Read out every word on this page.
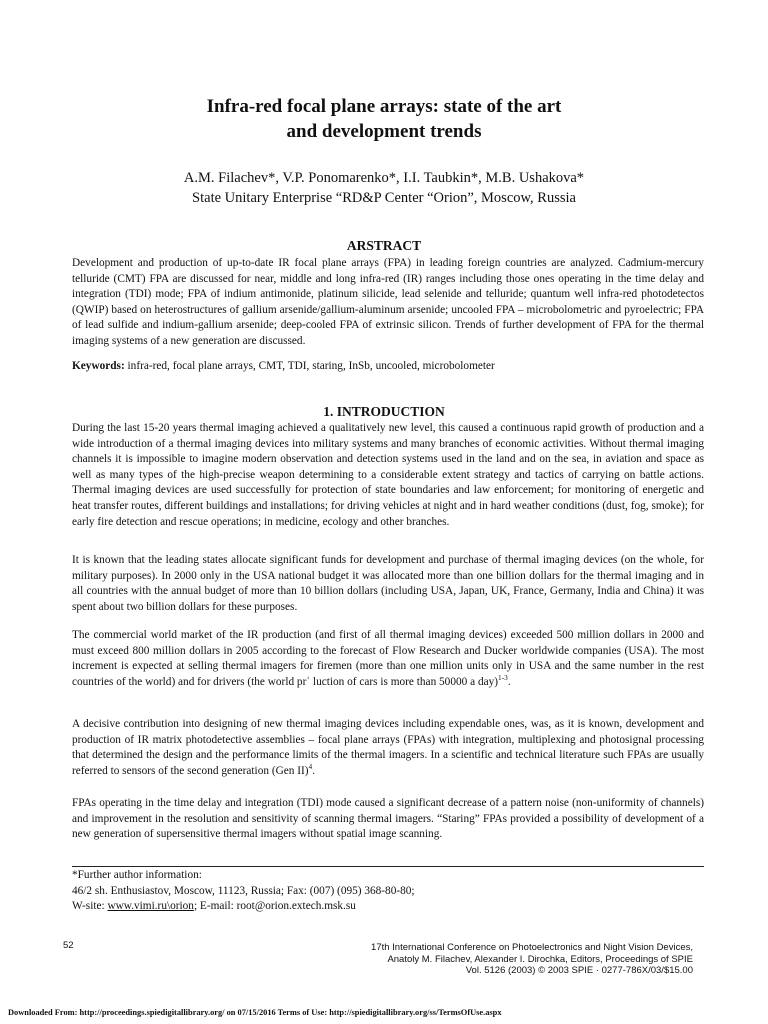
Infra-red focal plane arrays: state of the art
and development trends
A.M. Filachev*, V.P. Ponomarenko*, I.I. Taubkin*, M.B. Ushakova*
State Unitary Enterprise “RD&P Center “Orion”, Moscow, Russia
ARSTRACT
Development and production of up-to-date IR focal plane arrays (FPA) in leading foreign countries are analyzed. Cadmium-mercury telluride (CMT) FPA are discussed for near, middle and long infra-red (IR) ranges including those ones operating in the time delay and integration (TDI) mode; FPA of indium antimonide, platinum silicide, lead selenide and telluride; quantum well infra-red photodetectos (QWIP) based on heterostructures of gallium arsenide/gallium-aluminum arsenide; uncooled FPA – microbolometric and pyroelectric; FPA of lead sulfide and indium-gallium arsenide; deep-cooled FPA of extrinsic silicon. Trends of further development of FPA for the thermal imaging systems of a new generation are discussed.
Keywords: infra-red, focal plane arrays, CMT, TDI, staring, InSb, uncooled, microbolometer
1. INTRODUCTION
During the last 15-20 years thermal imaging achieved a qualitatively new level, this caused a continuous rapid growth of production and a wide introduction of a thermal imaging devices into military systems and many branches of economic activities. Without thermal imaging channels it is impossible to imagine modern observation and detection systems used in the land and on the sea, in aviation and space as well as many types of the high-precise weapon determining to a considerable extent strategy and tactics of carrying on battle actions. Thermal imaging devices are used successfully for protection of state boundaries and law enforcement; for monitoring of energetic and heat transfer routes, different buildings and installations; for driving vehicles at night and in hard weather conditions (dust, fog, smoke); for early fire detection and rescue operations; in medicine, ecology and other branches.
It is known that the leading states allocate significant funds for development and purchase of thermal imaging devices (on the whole, for military purposes). In 2000 only in the USA national budget it was allocated more than one billion dollars for the thermal imaging and in all countries with the annual budget of more than 10 billion dollars (including USA, Japan, UK, France, Germany, India and China) it was spent about two billion dollars for these purposes.
The commercial world market of the IR production (and first of all thermal imaging devices) exceeded 500 million dollars in 2000 and must exceed 800 million dollars in 2005 according to the forecast of Flow Research and Ducker worldwide companies (USA). The most increment is expected at selling thermal imagers for firemen (more than one million units only in USA and the same number in the rest countries of the world) and for drivers (the world prʿ luction of cars is more than 50000 a day)$^{1-3}$.
A decisive contribution into designing of new thermal imaging devices including expendable ones, was, as it is known, development and production of IR matrix photodetective assemblies – focal plane arrays (FPAs) with integration, multiplexing and photosignal processing that determined the design and the performance limits of the thermal imagers. In a scientific and technical literature such FPAs are usually referred to sensors of the second generation (Gen II)$^4$.
FPAs operating in the time delay and integration (TDI) mode caused a significant decrease of a pattern noise (non-uniformity of channels) and improvement in the resolution and sensitivity of scanning thermal imagers. “Staring” FPAs provided a possibility of development of a new generation of supersensitive thermal imagers without spatial image scanning.
*Further author information:
46/2 sh. Enthusiastov, Moscow, 11123, Russia; Fax: (007) (095) 368-80-80;
W-site: www.vimi.ru\orion; E-mail: root@orion.extech.msk.su
52	17th International Conference on Photoelectronics and Night Vision Devices,
Anatoly M. Filachev, Alexander I. Dirochka, Editors, Proceedings of SPIE
Vol. 5126 (2003) © 2003 SPIE · 0277-786X/03/$15.00
Downloaded From: http://proceedings.spiedigitallibrary.org/ on 07/15/2016 Terms of Use: http://spiedigitallibrary.org/ss/TermsOfUse.aspx
